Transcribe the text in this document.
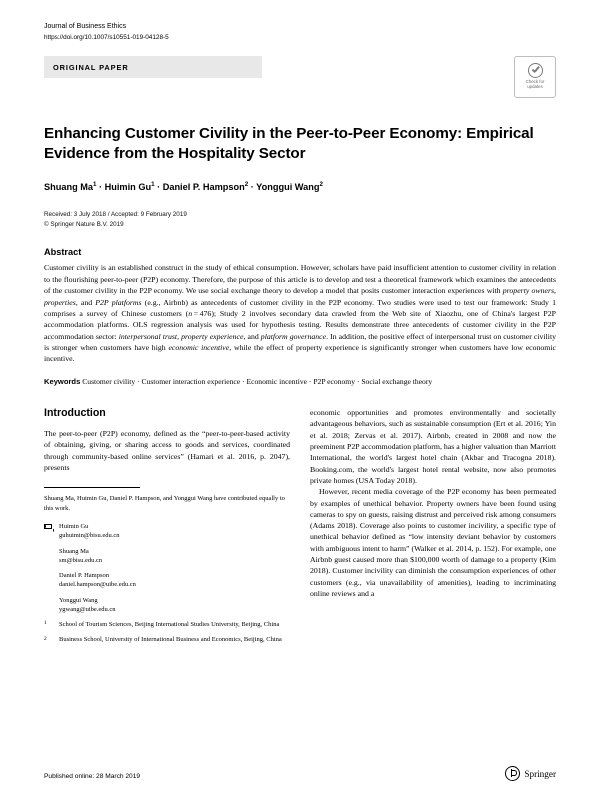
Journal of Business Ethics
https://doi.org/10.1007/s10551-019-04128-5
ORIGINAL PAPER
Check for
updates
Enhancing Customer Civility in the Peer-to-Peer Economy: Empirical Evidence from the Hospitality Sector
Shuang $Ma^1 \cdot Huimin$ $Gu^1$ · Daniel P. Hampson$^2$ · Yonggui Wang$^2$
Received: 3 July 2018 / Accepted: 9 February 2019
© Springer Nature B.V. 2019
Abstract
Customer civility is an established construct in the study of ethical consumption. However, scholars have paid insufficient attention to customer civility in relation to the flourishing peer-to-peer (P2P) economy. Therefore, the purpose of this article is to develop and test a theoretical framework which examines the antecedents of the customer civility in the P2P economy. We use social exchange theory to develop a model that posits customer interaction experiences with property owners, properties, and P2P platforms (e.g., Airbnb) as antecedents of customer civility in the P2P economy. Two studies were used to test our framework: Study 1 comprises a survey of Chinese customers (n = 476); Study 2 involves secondary data crawled from the Web site of Xiaozhu, one of China's largest P2P accommodation platforms. OLS regression analysis was used for hypothesis testing. Results demonstrate three antecedents of customer civility in the P2P accommodation sector: interpersonal trust, property experience, and platform governance. In addition, the positive effect of interpersonal trust on customer civility is stronger when customers have high economic incentive, while the effect of property experience is significantly stronger when customers have low economic incentive.
Keywords Customer civility · Customer interaction experience · Economic incentive · P2P economy · Social exchange theory
Introduction

The peer-to-peer (P2P) economy, defined as the “peer-to-peer-based activity of obtaining, giving, or sharing access to goods and services, coordinated through community-based online services” (Hamari et al. 2016, p. 2047), presents

Shuang Ma, Huimin Gu, Daniel P. Hampson, and Yonggui Wang have contributed equally to this work.
Huimin Gu
guhuimin@bisu.edu.cn
Shuang Ma
sm@bisu.edu.cn
Daniel P. Hampson
daniel.hampson@uibe.edu.cn
Yonggui Wang
ygwang@uibe.edu.cn
1	School of Tourism Sciences, Beijing International Studies University, Beijing, China
2	Business School, University of International Business and Economics, Beijing, China

economic opportunities and promotes environmentally and societally advantageous behaviors, such as sustainable consumption (Ert et al. 2016; Yin et al. 2018; Zervas et al. 2017). Airbnb, created in 2008 and now the preeminent P2P accommodation platform, has a higher valuation than Marriott International, the world's largest hotel chain (Akbar and Tracogna 2018). Booking.com, the world's largest hotel rental website, now also promotes private homes (USA Today 2018).

However, recent media coverage of the P2P economy has been permeated by examples of unethical behavior. Property owners have been found using cameras to spy on guests, raising distrust and perceived risk among consumers (Adams 2018). Coverage also points to customer incivility, a specific type of unethical behavior defined as “low intensity deviant behavior by customers with ambiguous intent to harm” (Walker et al. 2014, p. 152). For example, one Airbnb guest caused more than $100,000 worth of damage to a property (Kim 2018). Customer incivility can diminish the consumption experiences of other customers (e.g., via unavailability of amenities), leading to incriminating online reviews and a

Published online: 28 March 2019	Springer
